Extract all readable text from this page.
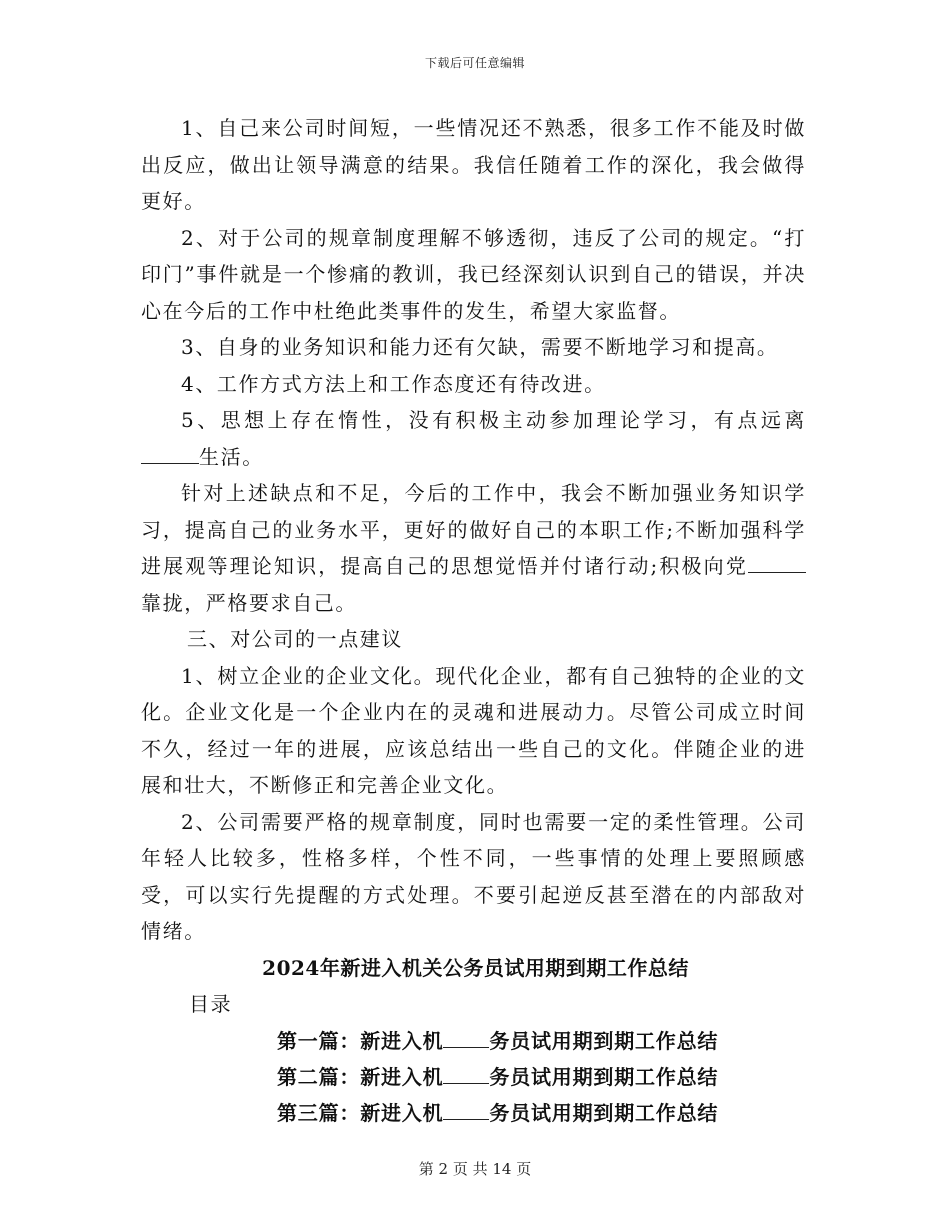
下载后可任意编辑

1、自己来公司时间短，一些情况还不熟悉，很多工作不能及时做出反应，做出让领导满意的结果。我信任随着工作的深化，我会做得更好。

2、对于公司的规章制度理解不够透彻，违反了公司的规定。“打印门”事件就是一个惨痛的教训，我已经深刻认识到自己的错误，并决心在今后的工作中杜绝此类事件的发生，希望大家监督。

3、自身的业务知识和能力还有欠缺，需要不断地学习和提高。

4、工作方式方法上和工作态度还有待改进。

5、思想上存在惰性，没有积极主动参加理论学习，有点远离生活。

针对上述缺点和不足，今后的工作中，我会不断加强业务知识学习，提高自己的业务水平，更好的做好自己的本职工作;不断加强科学进展观等理论知识，提高自己的思想觉悟并付诸行动;积极向党靠拢，严格要求自己。

三、对公司的一点建议

1、树立企业的企业文化。现代化企业，都有自己独特的企业的文化。企业文化是一个企业内在的灵魂和进展动力。尽管公司成立时间不久，经过一年的进展，应该总结出一些自己的文化。伴随企业的进展和壮大，不断修正和完善企业文化。

2、公司需要严格的规章制度，同时也需要一定的柔性管理。公司年轻人比较多，性格多样，个性不同，一些事情的处理上要照顾感受，可以实行先提醒的方式处理。不要引起逆反甚至潜在的内部敌对情绪。

2024年新进入机关公务员试用期到期工作总结

目录

第一篇：新进入机 务员试用期到期工作总结

第二篇：新进入机 务员试用期到期工作总结

第三篇：新进入机 务员试用期到期工作总结

第 2 页 共 14 页
